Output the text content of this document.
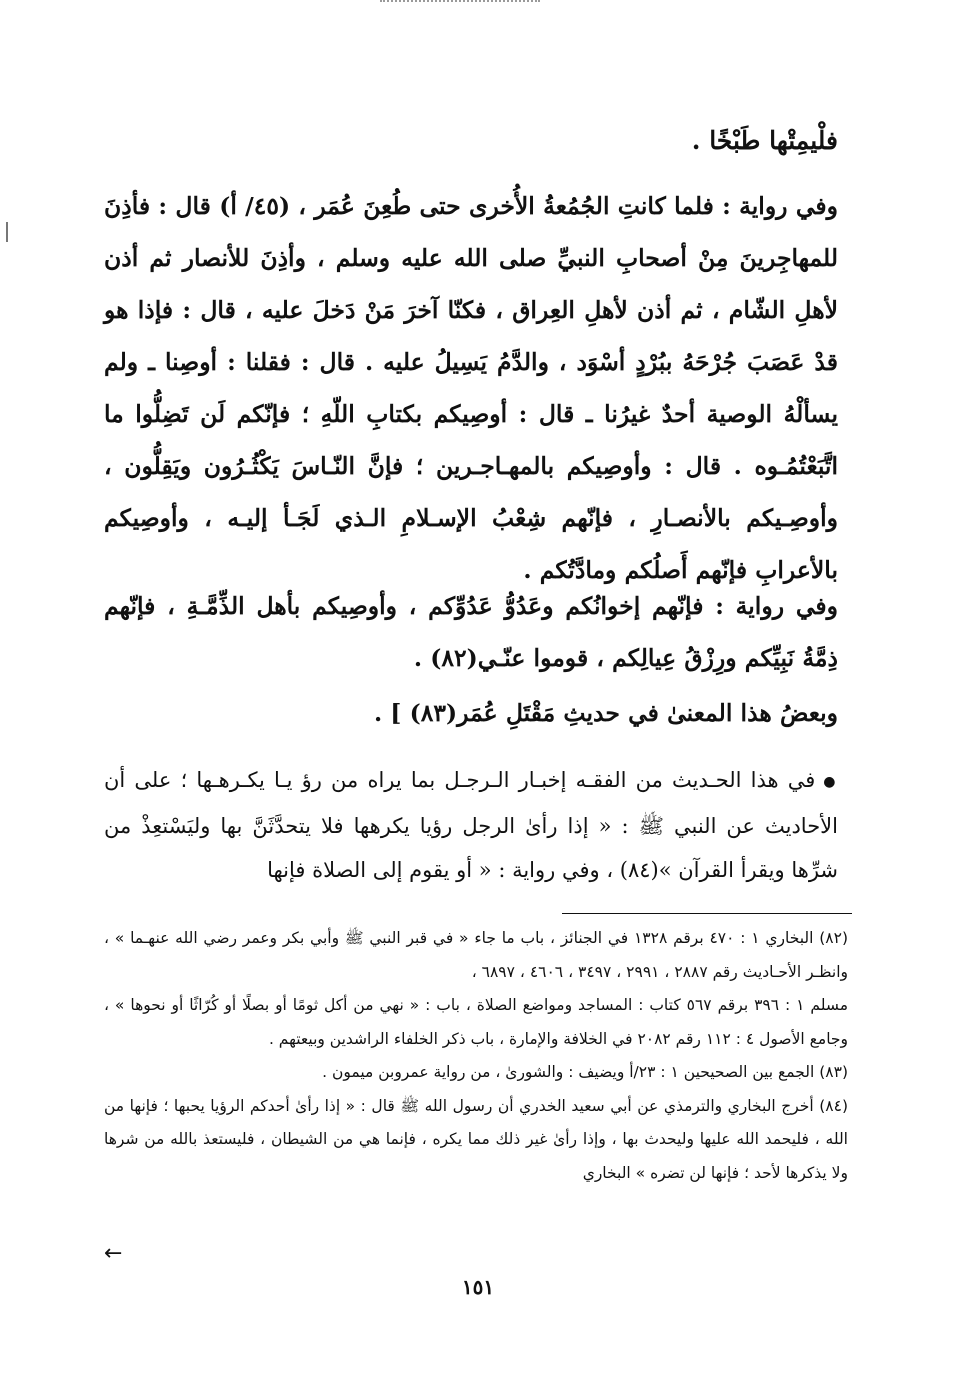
فلْيمِتْها طَبْخًا .

وفي رواية : فلما كانتِ الجُمُعةُ الأُخرى حتى طُعِنَ عُمَر ، (٤٥/ أ) قال : فأذِنَ للمهاجِرينَ مِنْ أصحابِ النبيِّ صلى الله عليه وسلم ، وأذِنَ للأنصار ثم أذن لأهلِ الشّام ، ثم أذن لأهلِ العِراق ، فكنّا آخرَ مَنْ دَخلَ عليه ، قال : فإذا هو قدْ عَصَبَ جُرْحَهُ ببُرْدٍ أسْوَد ، والدَّمُ يَسِيلُ عليه . قال : فقلنا : أوصِنا ـ ولم يسألْهُ الوصية أحدٌ غيرُنا ـ قال : أوصِيكم بكتابِ اللّهِ ؛ فإنّكم لَن تَضِلُّوا ما اتَّبَعْتُمُـوه . قال : وأوصِيكم بالمهـاجـرين ؛ فإنَّ النّـاسَ يَكْثُـرُون ويَقِلُّون ، وأوصِـيكم بالأنصـارِ ، فإنّهم شِعْبُ الإسـلامِ الـذي لَجَـأ إليـه ، وأوصِيكم بالأعرابِ فإنّهم أَصلُكم ومادَّتُكم .

وفي رواية : فإنّهم إخوانُكم وعَدُوُّ عَدُوِّكم ، وأوصِيكم بأهل الذِّمَّـةِ ، فإنّهم ذِمَّةُ نَبِيِّكم ورِزْقُ عِيالِكم ، قوموا عنّـي(٨٢) .

وبعضُ هذا المعنىٰ في حديثِ مَقْتَلِ عُمَر(٨٣) ] .

●في هذا الحـديث من الفقـه إخبـار الـرجـل بما يراه من رؤ يـا يكـرهـها ؛ على أن الأحاديث عن النبي ﷺ : « إذا رأىٰ الرجل رؤيا يكرهها فلا يتحدَّثَنَّ بها وليَسْتعِذْ من شرِّها ويقرأ القرآن »(٨٤) ، وفي رواية : « أو يقوم إلى الصلاة فإنها

(٨٢) البخاري ١ : ٤٧٠ برقم ١٣٢٨ في الجنائز ، باب ما جاء « في قبر النبي ﷺ وأبي بكر وعمر رضي الله عنهـما » ، وانظـر الأحـاديث رقم ٢٨٨٧ ، ٢٩٩١ ، ٣٤٩٧ ، ٤٦٠٦ ، ٦٨٩٧ ،

مسلم ١ : ٣٩٦ برقم ٥٦٧ كتاب : المساجد ومواضع الصلاة ، باب : « نهي من أكل ثومًا أو بصلًا أو كُرّاثًا أو نحوها » ، وجامع الأصول ٤ : ١١٢ رقم ٢٠٨٢ في الخلافة والإمارة ، باب ذكر الخلفاء الراشدين وبيعتهم .

(٨٣) الجمع بين الصحيحين ١ : ٢٣/أ ويضيف : والشورىٰ ، من رواية عمروبن ميمون .

(٨٤) أخرج البخاري والترمذي عن أبي سعيد الخدري أن رسول الله ﷺ قال : « إذا رأىٰ أحدكم الرؤيا يحبها ؛ فإنها من الله ، فليحمد الله عليها وليحدث بها ، وإذا رأىٰ غير ذلك مما يكره ، فإنما هي من الشيطان ، فليستعذ بالله من شرها ولا يذكرها لأحد ؛ فإنها لن تضره » البخاري

←
١٥١
